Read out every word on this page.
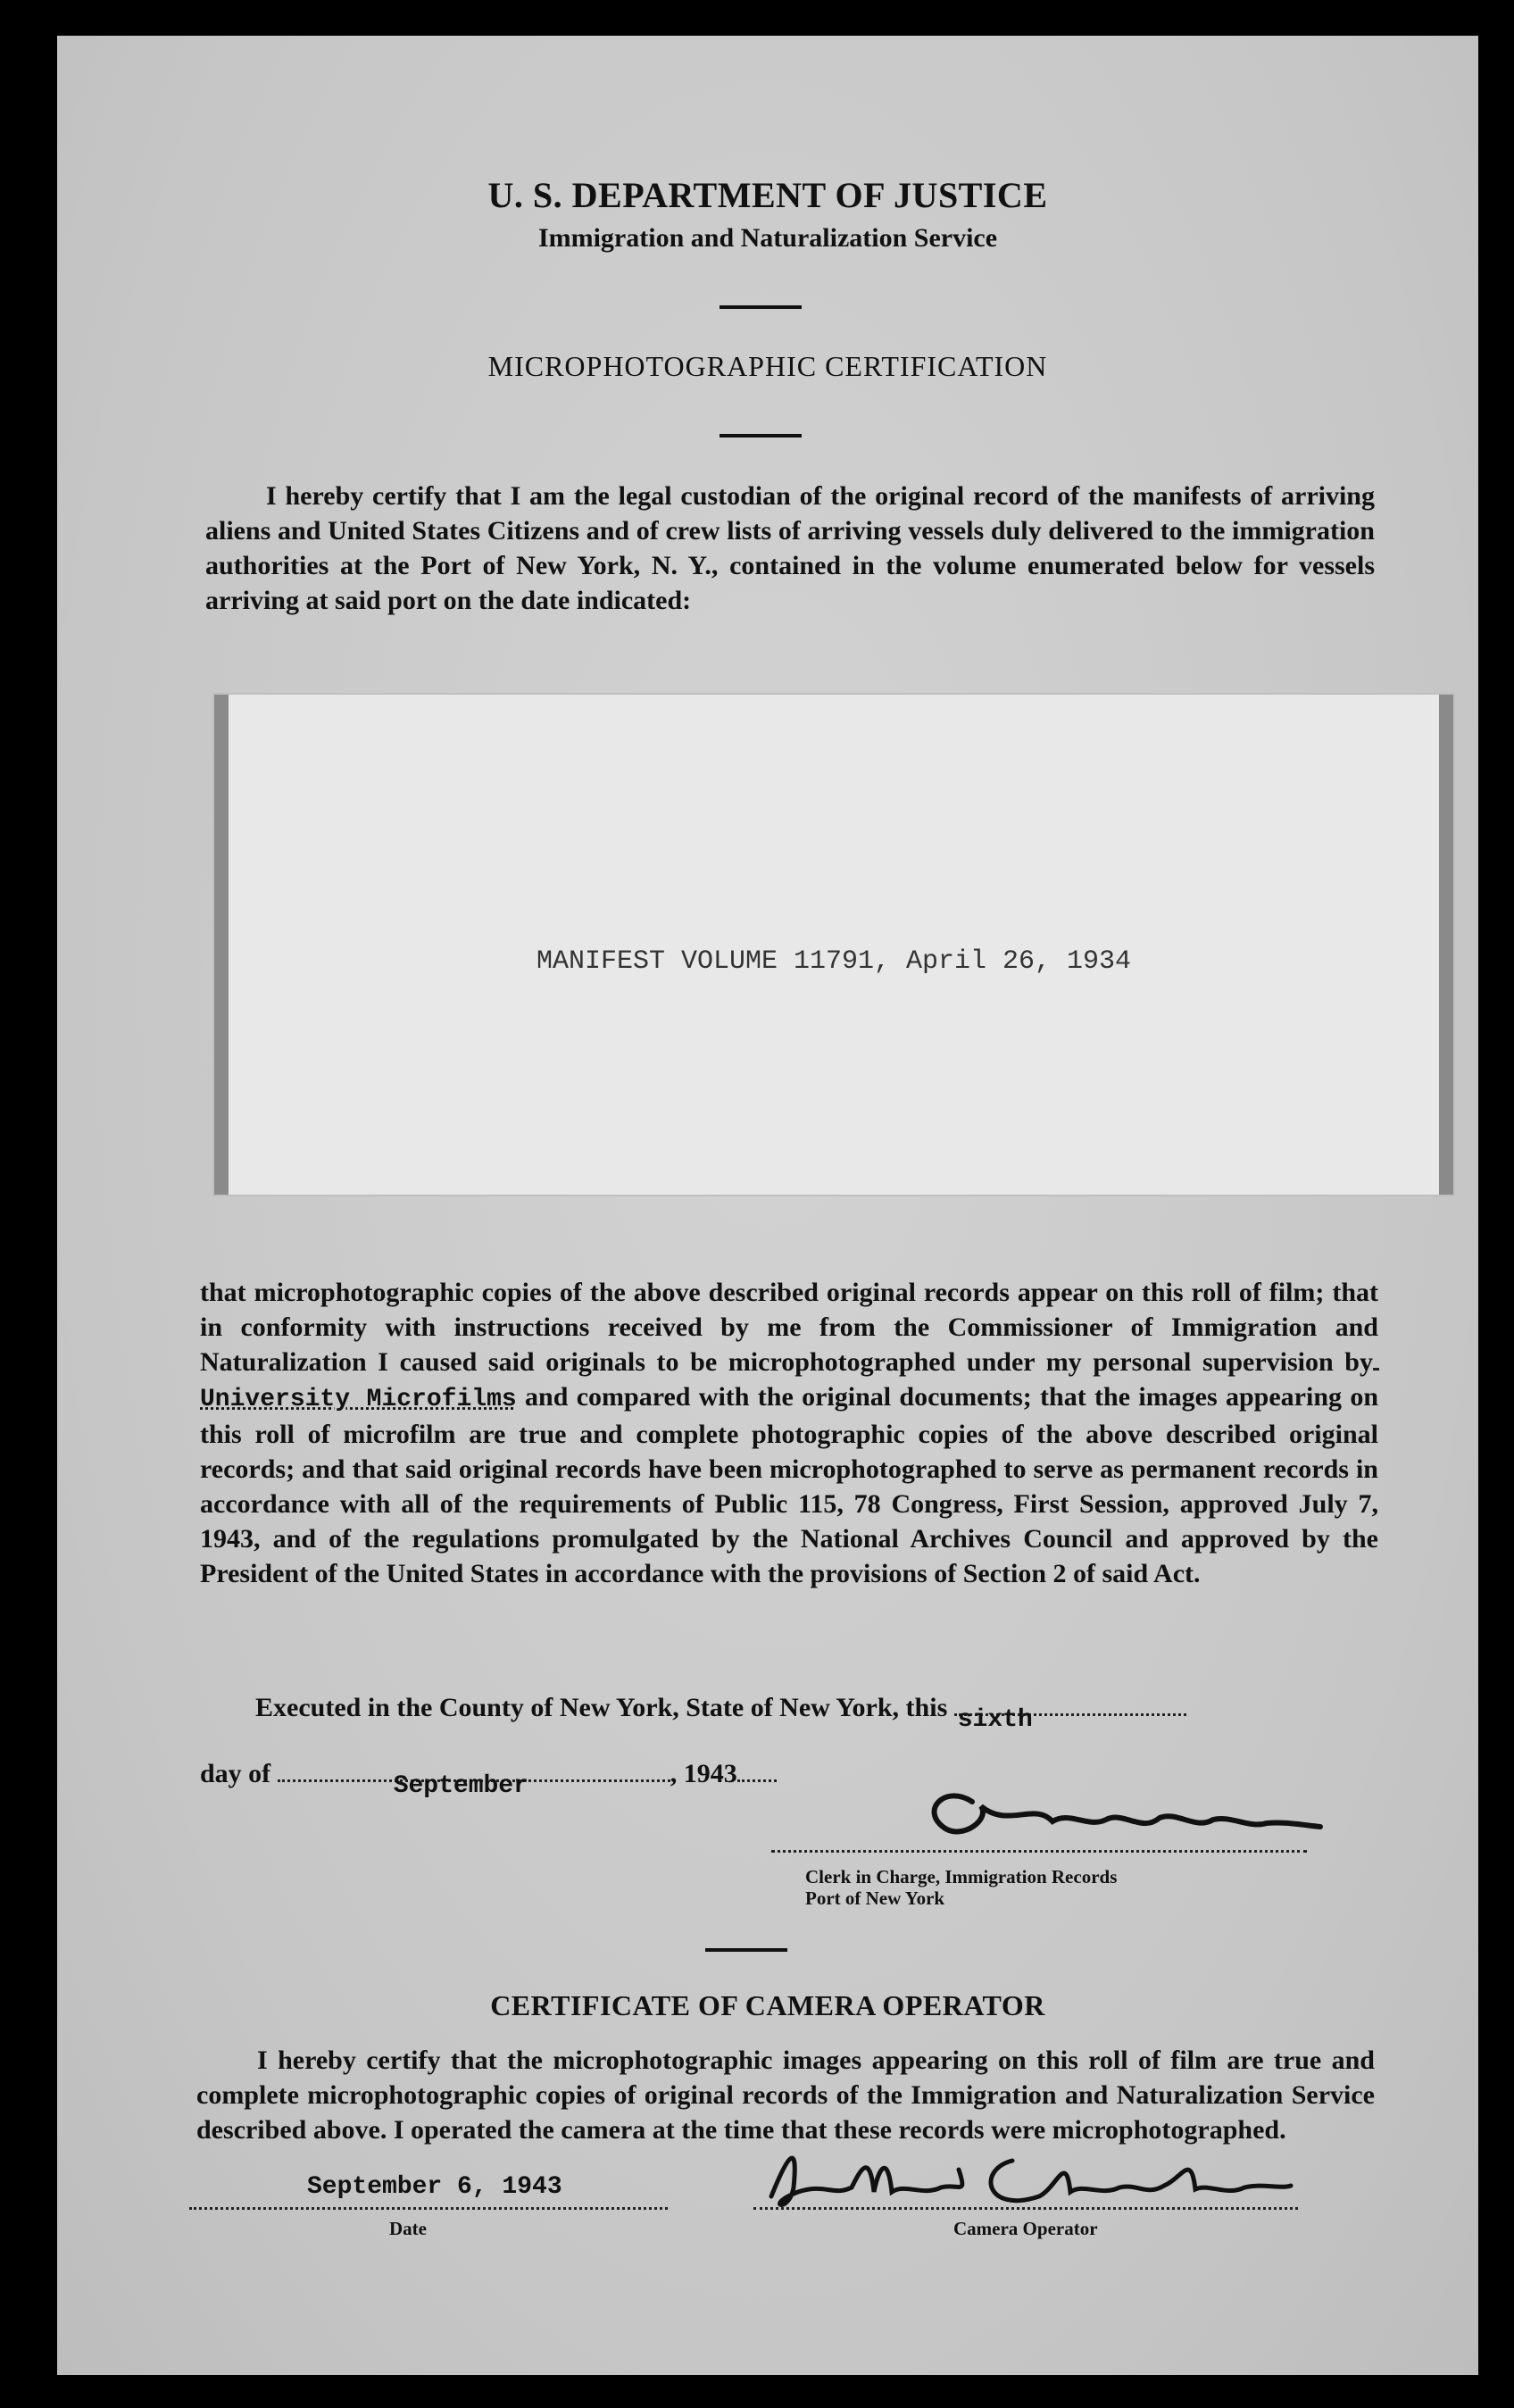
U. S. DEPARTMENT OF JUSTICE
Immigration and Naturalization Service
MICROPHOTOGRAPHIC CERTIFICATION
I hereby certify that I am the legal custodian of the original record of the manifests of arriving aliens and United States Citizens and of crew lists of arriving vessels duly delivered to the immigration authorities at the Port of New York, N. Y., contained in the volume enumerated below for vessels arriving at said port on the date indicated:
MANIFEST VOLUME 11791, April 26, 1934
that microphotographic copies of the above described original records appear on this roll of film; that in conformity with instructions received by me from the Commissioner of Immigration and Naturalization I caused said originals to be microphotographed under my personal supervision by University Microfilms and compared with the original documents; that the images appearing on this roll of microfilm are true and complete photographic copies of the above described original records; and that said original records have been microphotographed to serve as permanent records in accordance with all of the requirements of Public 115, 78 Congress, First Session, approved July 7, 1943, and of the regulations promulgated by the National Archives Council and approved by the President of the United States in accordance with the provisions of Section 2 of said Act.
Executed in the County of New York, State of New York, this sixth
day of	September	, 1943
Clerk in Charge, Immigration Records
Port of New York
CERTIFICATE OF CAMERA OPERATOR
I hereby certify that the microphotographic images appearing on this roll of film are true and complete microphotographic copies of original records of the Immigration and Naturalization Service described above. I operated the camera at the time that these records were microphotographed.
September 6, 1943
Date	Camera Operator
